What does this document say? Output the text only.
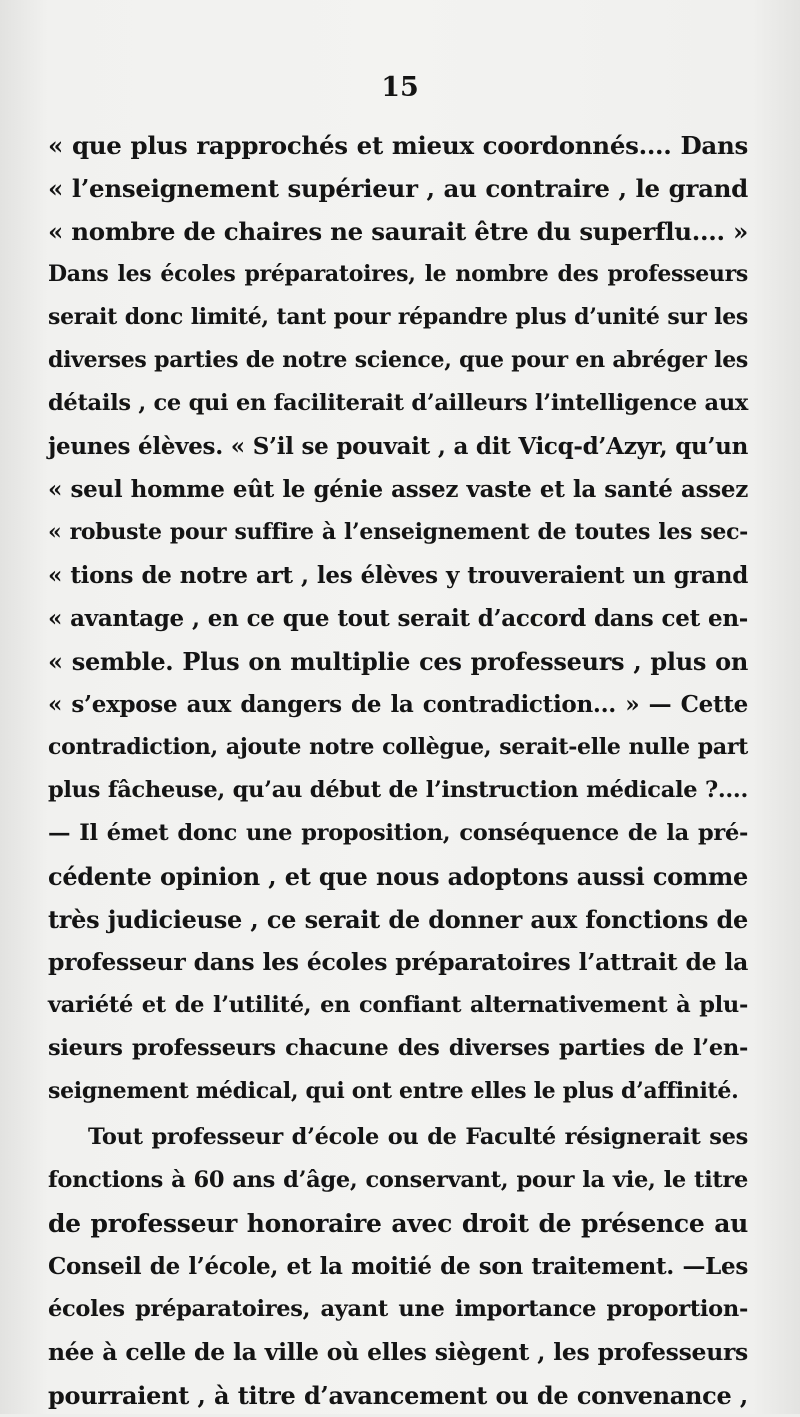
15
« que plus rapprochés et mieux coordonnés.... Dans
« l’enseignement supérieur , au contraire , le grand
« nombre de chaires ne saurait être du superflu.... »
Dans les écoles préparatoires, le nombre des professeurs
serait donc limité, tant pour répandre plus d’unité sur les
diverses parties de notre science, que pour en abréger les
détails , ce qui en faciliterait d’ailleurs l’intelligence aux
jeunes élèves. « S’il se pouvait , a dit Vicq-d’Azyr, qu’un
« seul homme eût le génie assez vaste et la santé assez
« robuste pour suffire à l’enseignement de toutes les sec-
« tions de notre art , les élèves y trouveraient un grand
« avantage , en ce que tout serait d’accord dans cet en-
« semble. Plus on multiplie ces professeurs , plus on
« s’expose aux dangers de la contradiction... » — Cette
contradiction, ajoute notre collègue, serait-elle nulle part
plus fâcheuse, qu’au début de l’instruction médicale ?....
— Il émet donc une proposition, conséquence de la pré-
cédente opinion , et que nous adoptons aussi comme
très judicieuse , ce serait de donner aux fonctions de
professeur dans les écoles préparatoires l’attrait de la
variété et de l’utilité, en confiant alternativement à plu-
sieurs professeurs chacune des diverses parties de l’en-
seignement médical, qui ont entre elles le plus d’affinité.
Tout professeur d’école ou de Faculté résignerait ses
fonctions à 60 ans d’âge, conservant, pour la vie, le titre
de professeur honoraire avec droit de présence au
Conseil de l’école, et la moitié de son traitement. —Les
écoles préparatoires, ayant une importance proportion-
née à celle de la ville où elles siègent , les professeurs
pourraient , à titre d’avancement ou de convenance ,
